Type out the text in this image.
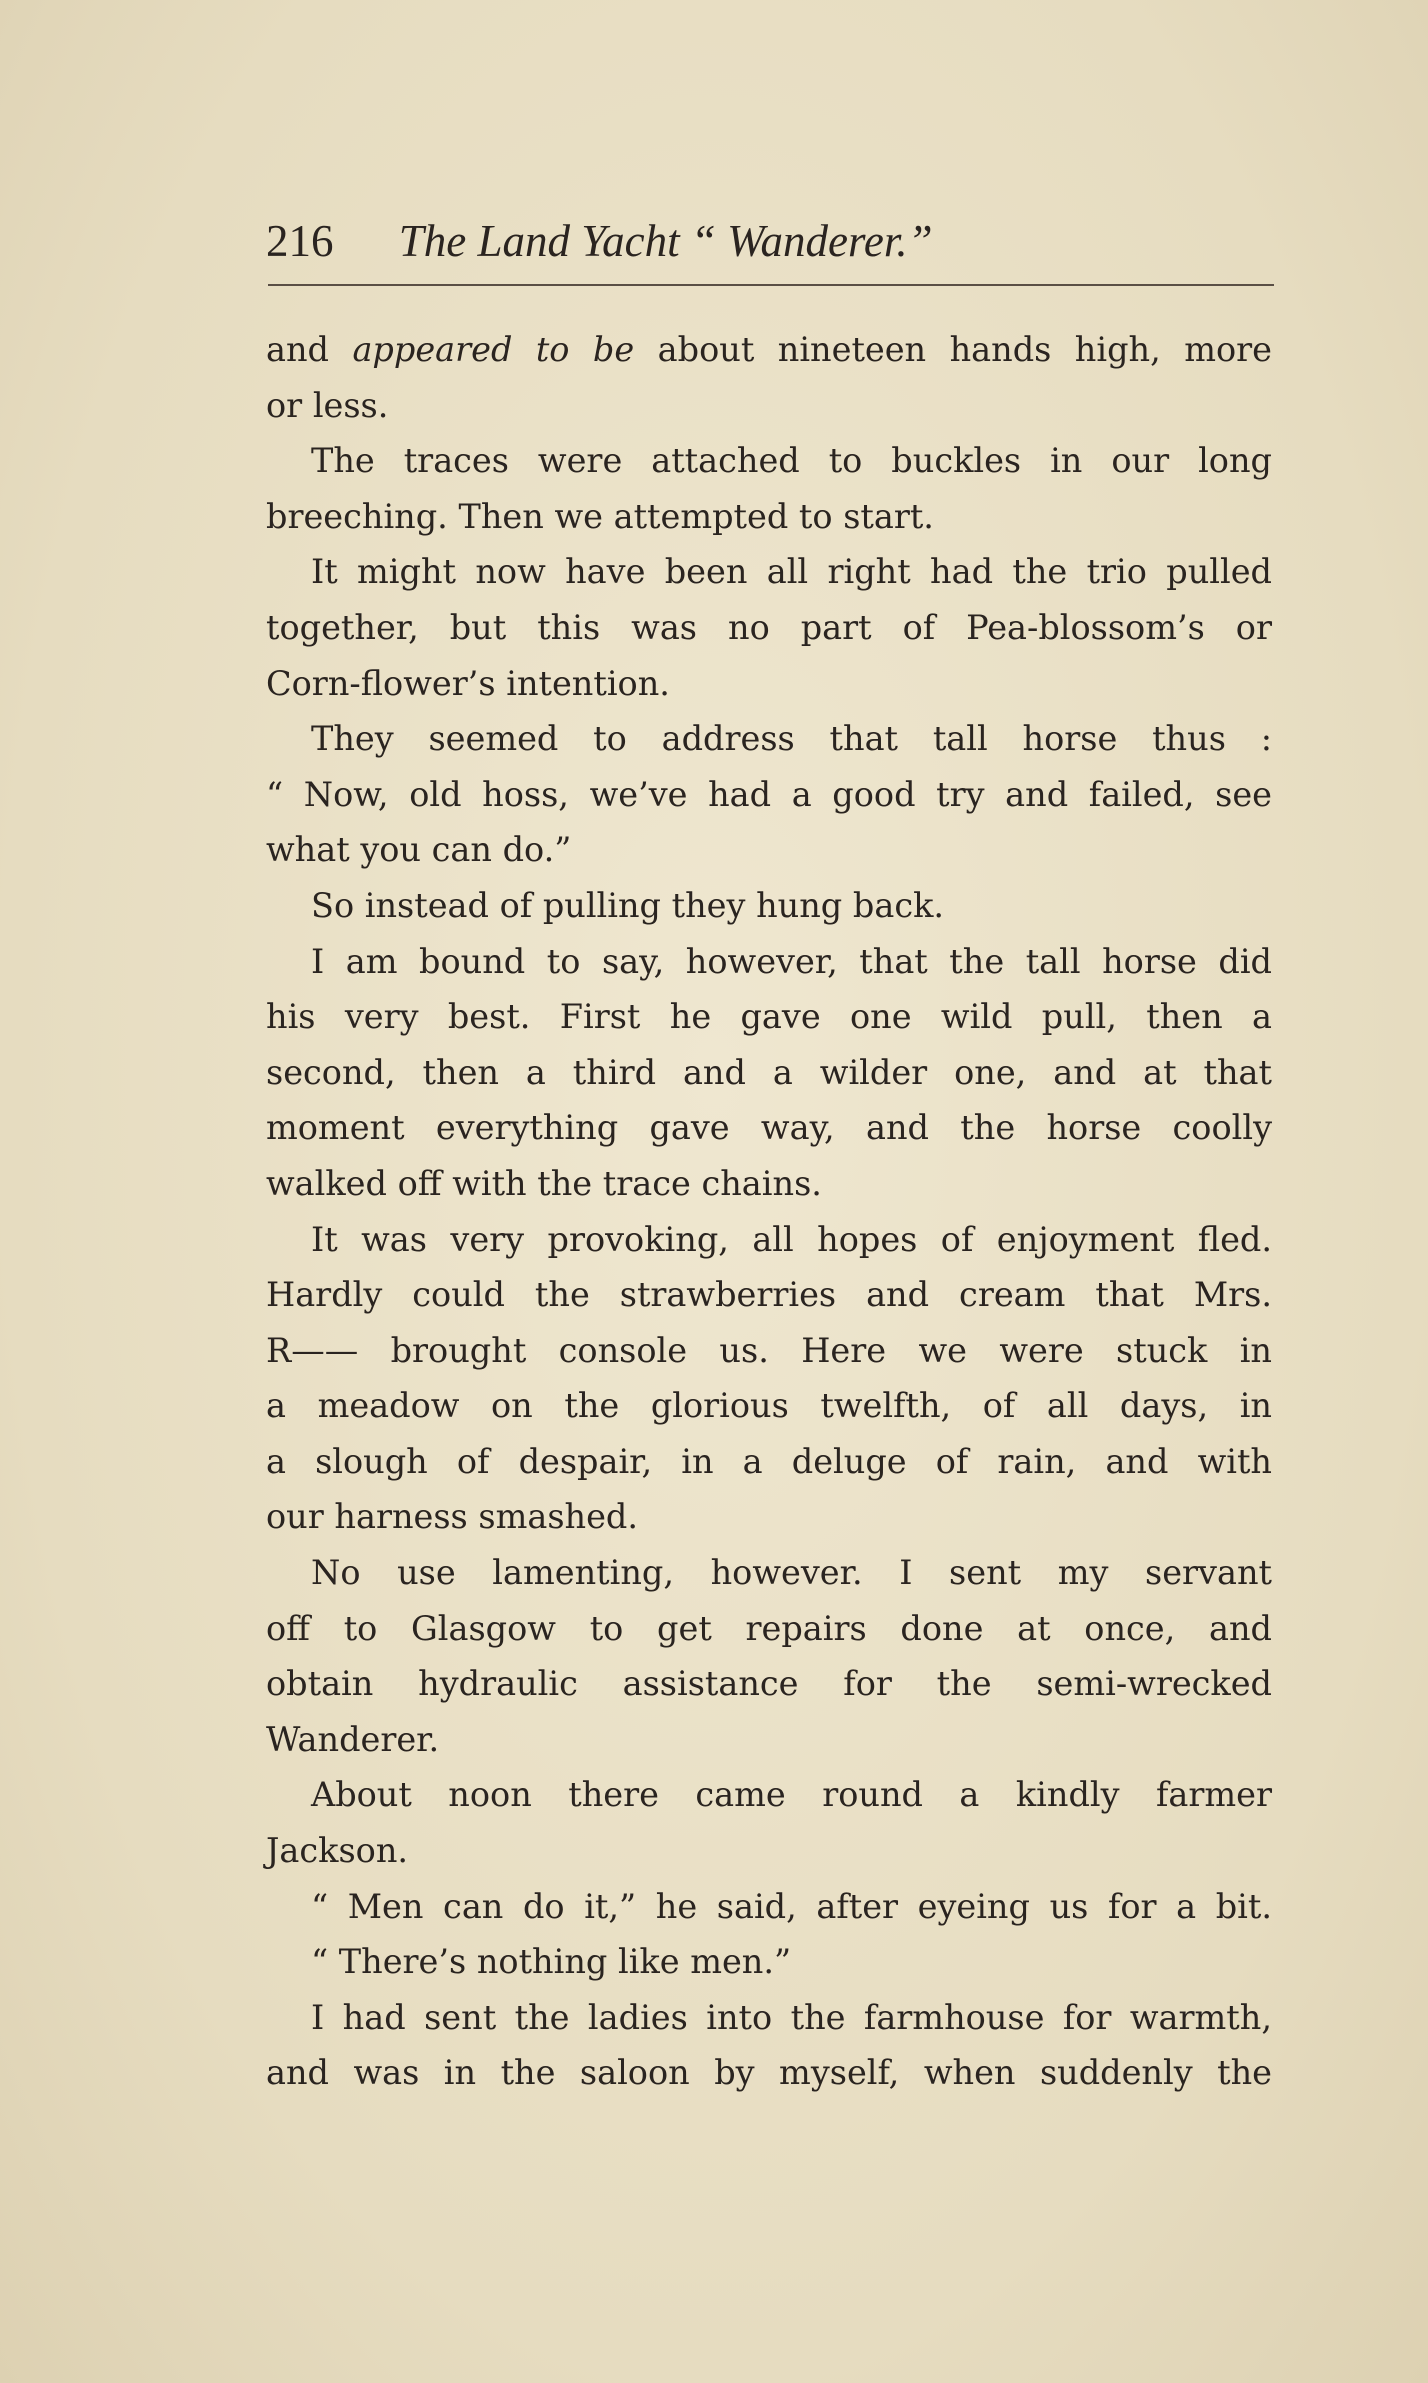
216 The Land Yacht “ Wanderer.”
and appeared to be about nineteen hands high, more
or less.
The traces were attached to buckles in our long
breeching. Then we attempted to start.
It might now have been all right had the trio pulled
together, but this was no part of Pea-blossom’s or
Corn-flower’s intention.
They seemed to address that tall horse thus :
“ Now, old hoss, we’ve had a good try and failed, see
what you can do.”
So instead of pulling they hung back.
I am bound to say, however, that the tall horse did
his very best. First he gave one wild pull, then a
second, then a third and a wilder one, and at that
moment everything gave way, and the horse coolly
walked off with the trace chains.
It was very provoking, all hopes of enjoyment fled.
Hardly could the strawberries and cream that Mrs.
R—— brought console us. Here we were stuck in
a meadow on the glorious twelfth, of all days, in
a slough of despair, in a deluge of rain, and with
our harness smashed.
No use lamenting, however. I sent my servant
off to Glasgow to get repairs done at once, and
obtain hydraulic assistance for the semi-wrecked
Wanderer.
About noon there came round a kindly farmer
Jackson.
“ Men can do it,” he said, after eyeing us for a bit.
“ There’s nothing like men.”
I had sent the ladies into the farmhouse for warmth,
and was in the saloon by myself, when suddenly the
